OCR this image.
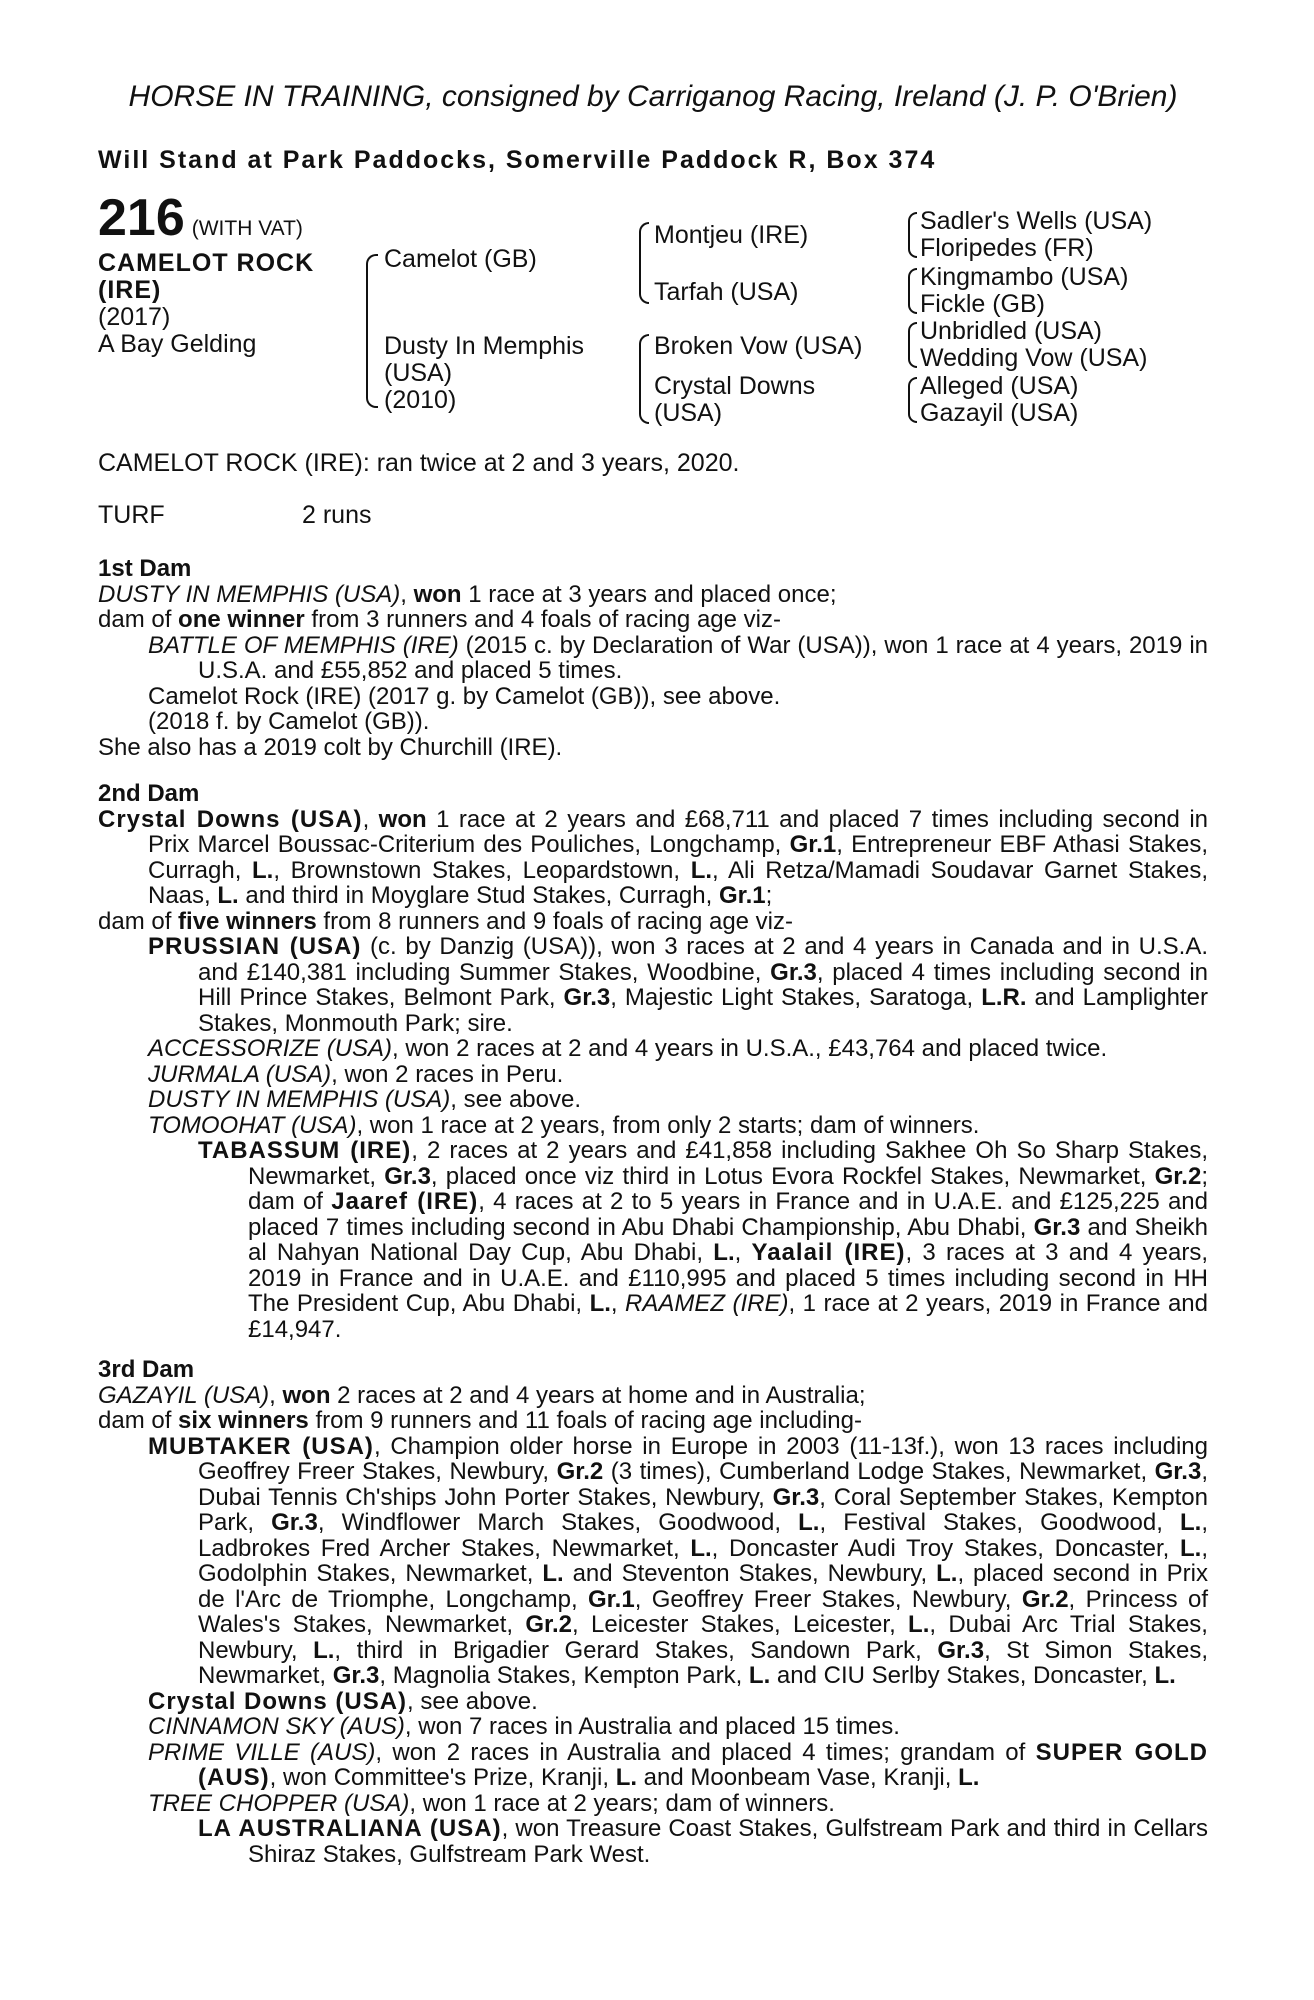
HORSE IN TRAINING, consigned by Carriganog Racing, Ireland (J. P. O'Brien)
Will Stand at Park Paddocks, Somerville Paddock R, Box 374
216 (WITH VAT)
CAMELOT ROCK
(IRE)
(2017)
A Bay Gelding
Camelot (GB)
Dusty In Memphis
(USA)
(2010)
Montjeu (IRE)
Tarfah (USA)
Broken Vow (USA)
Crystal Downs
(USA)
Sadler's Wells (USA)
Floripedes (FR)
Kingmambo (USA)
Fickle (GB)
Unbridled (USA)
Wedding Vow (USA)
Alleged (USA)
Gazayil (USA)
CAMELOT ROCK (IRE): ran twice at 2 and 3 years, 2020.
TURF	2 runs

1st Dam

DUSTY IN MEMPHIS (USA), won 1 race at 3 years and placed once;

dam of one winner from 3 runners and 4 foals of racing age viz-

BATTLE OF MEMPHIS (IRE) (2015 c. by Declaration of War (USA)), won 1 race at 4 years, 2019 in U.S.A. and £55,852 and placed 5 times.

Camelot Rock (IRE) (2017 g. by Camelot (GB)), see above.

(2018 f. by Camelot (GB)).

She also has a 2019 colt by Churchill (IRE).

2nd Dam

Crystal Downs (USA), won 1 race at 2 years and £68,711 and placed 7 times including second in Prix Marcel Boussac-Criterium des Pouliches, Longchamp, Gr.1, Entrepreneur EBF Athasi Stakes, Curragh, L., Brownstown Stakes, Leopardstown, L., Ali Retza/Mamadi Soudavar Garnet Stakes, Naas, L. and third in Moyglare Stud Stakes, Curragh, Gr.1;

dam of five winners from 8 runners and 9 foals of racing age viz-

PRUSSIAN (USA) (c. by Danzig (USA)), won 3 races at 2 and 4 years in Canada and in U.S.A. and £140,381 including Summer Stakes, Woodbine, Gr.3, placed 4 times including second in Hill Prince Stakes, Belmont Park, Gr.3, Majestic Light Stakes, Saratoga, L.R. and Lamplighter Stakes, Monmouth Park; sire.

ACCESSORIZE (USA), won 2 races at 2 and 4 years in U.S.A., £43,764 and placed twice.

JURMALA (USA), won 2 races in Peru.

DUSTY IN MEMPHIS (USA), see above.

TOMOOHAT (USA), won 1 race at 2 years, from only 2 starts; dam of winners.

TABASSUM (IRE), 2 races at 2 years and £41,858 including Sakhee Oh So Sharp Stakes, Newmarket, Gr.3, placed once viz third in Lotus Evora Rockfel Stakes, Newmarket, Gr.2; dam of Jaaref (IRE), 4 races at 2 to 5 years in France and in U.A.E. and £125,225 and placed 7 times including second in Abu Dhabi Championship, Abu Dhabi, Gr.3 and Sheikh al Nahyan National Day Cup, Abu Dhabi, L., Yaalail (IRE), 3 races at 3 and 4 years, 2019 in France and in U.A.E. and £110,995 and placed 5 times including second in HH The President Cup, Abu Dhabi, L., RAAMEZ (IRE), 1 race at 2 years, 2019 in France and £14,947.

3rd Dam

GAZAYIL (USA), won 2 races at 2 and 4 years at home and in Australia;

dam of six winners from 9 runners and 11 foals of racing age including-

MUBTAKER (USA), Champion older horse in Europe in 2003 (11-13f.), won 13 races including Geoffrey Freer Stakes, Newbury, Gr.2 (3 times), Cumberland Lodge Stakes, Newmarket, Gr.3, Dubai Tennis Ch'ships John Porter Stakes, Newbury, Gr.3, Coral September Stakes, Kempton Park, Gr.3, Windflower March Stakes, Goodwood, L., Festival Stakes, Goodwood, L., Ladbrokes Fred Archer Stakes, Newmarket, L., Doncaster Audi Troy Stakes, Doncaster, L., Godolphin Stakes, Newmarket, L. and Steventon Stakes, Newbury, L., placed second in Prix de l'Arc de Triomphe, Longchamp, Gr.1, Geoffrey Freer Stakes, Newbury, Gr.2, Princess of Wales's Stakes, Newmarket, Gr.2, Leicester Stakes, Leicester, L., Dubai Arc Trial Stakes, Newbury, L., third in Brigadier Gerard Stakes, Sandown Park, Gr.3, St Simon Stakes, Newmarket, Gr.3, Magnolia Stakes, Kempton Park, L. and CIU Serlby Stakes, Doncaster, L.

Crystal Downs (USA), see above.

CINNAMON SKY (AUS), won 7 races in Australia and placed 15 times.

PRIME VILLE (AUS), won 2 races in Australia and placed 4 times; grandam of SUPER GOLD (AUS), won Committee's Prize, Kranji, L. and Moonbeam Vase, Kranji, L.

TREE CHOPPER (USA), won 1 race at 2 years; dam of winners.

LA AUSTRALIANA (USA), won Treasure Coast Stakes, Gulfstream Park and third in Cellars Shiraz Stakes, Gulfstream Park West.
